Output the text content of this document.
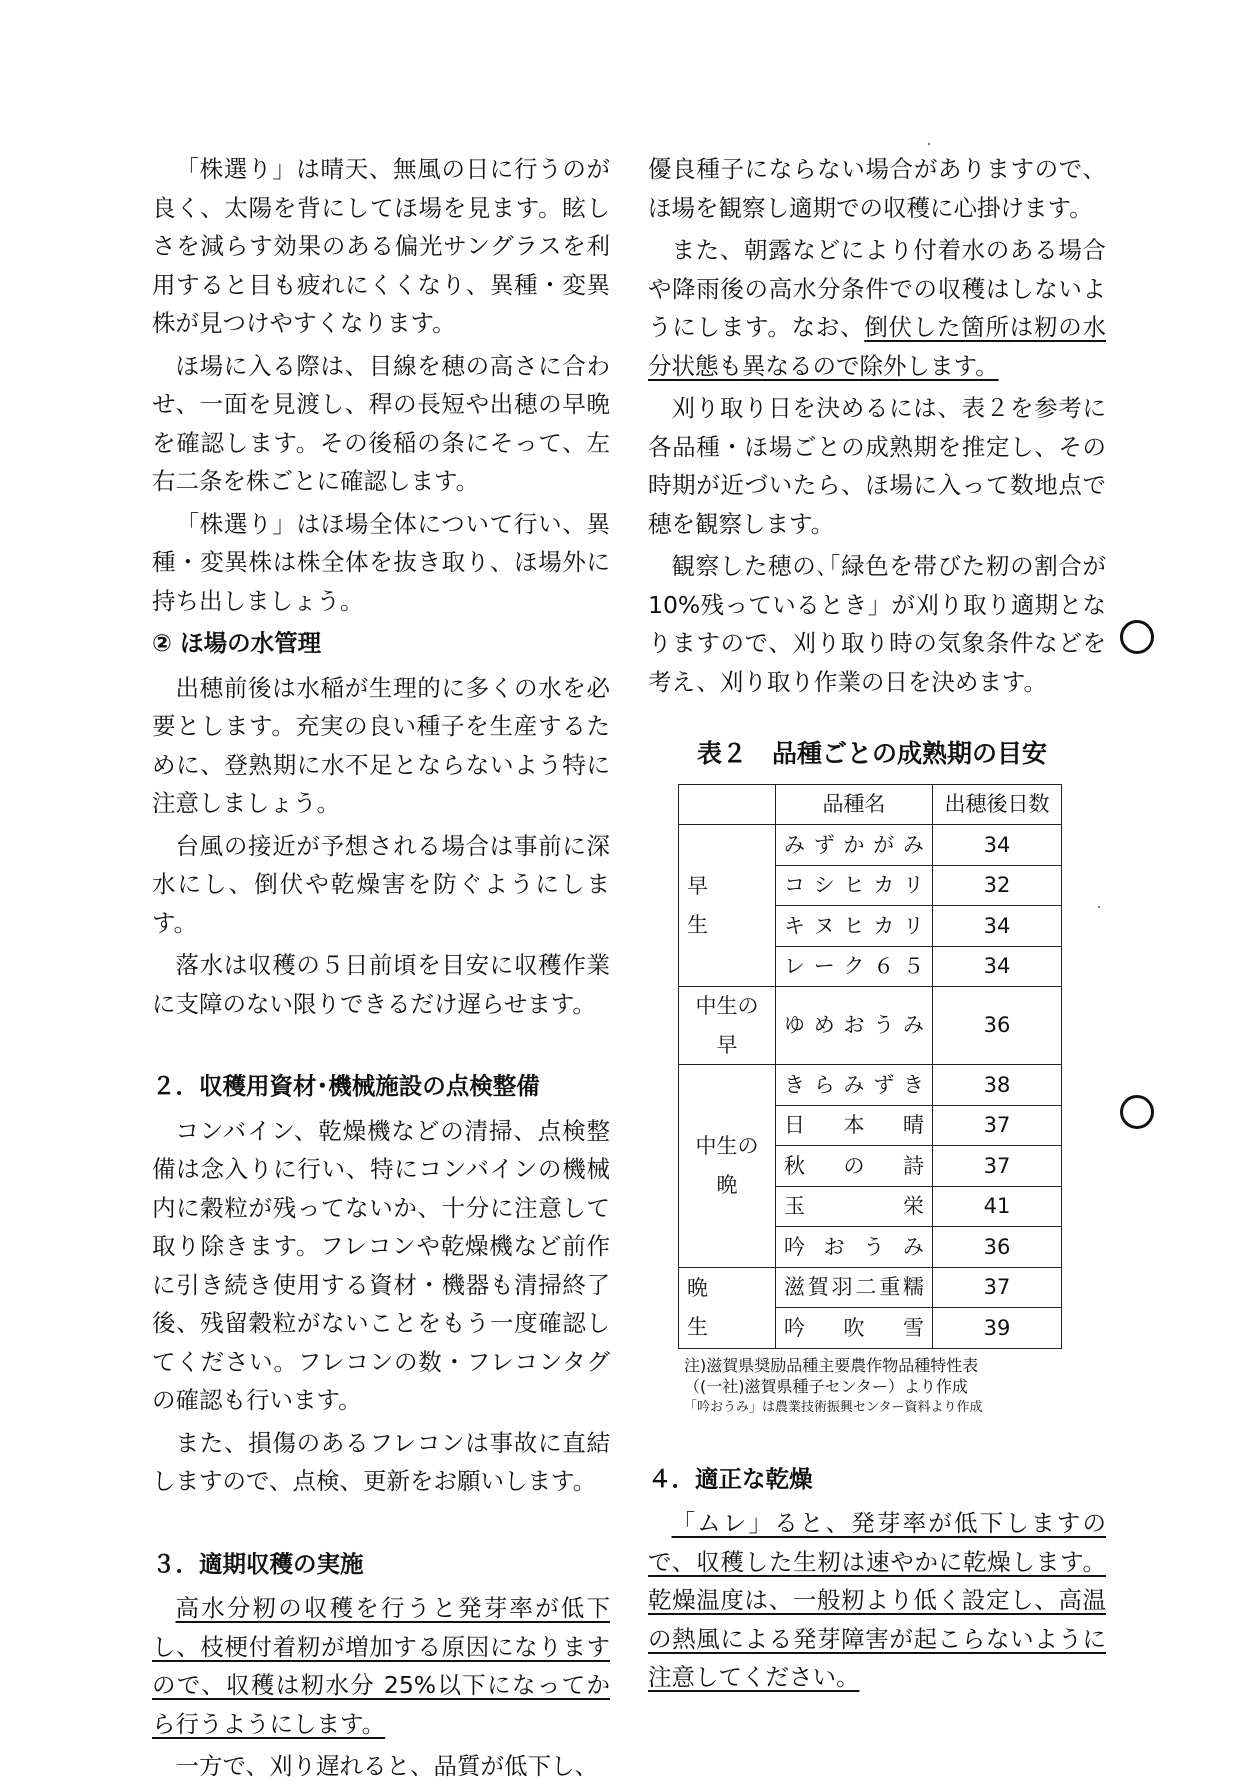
「株選り」は晴天、無風の日に行うのが良く、太陽を背にしてほ場を見ます。眩しさを減らす効果のある偏光サングラスを利用すると目も疲れにくくなり、異種・変異株が見つけやすくなります。

ほ場に入る際は、目線を穂の高さに合わせ、一面を見渡し、稈の長短や出穂の早晩を確認します。その後稲の条にそって、左右二条を株ごとに確認します。

「株選り」はほ場全体について行い、異種・変異株は株全体を抜き取り、ほ場外に持ち出しましょう。

② ほ場の水管理

出穂前後は水稲が生理的に多くの水を必要とします。充実の良い種子を生産するために、登熟期に水不足とならないよう特に注意しましょう。

台風の接近が予想される場合は事前に深水にし、倒伏や乾燥害を防ぐようにします。

落水は収穫の５日前頃を目安に収穫作業に支障のない限りできるだけ遅らせます。

２．収穫用資材･機械施設の点検整備

コンバイン、乾燥機などの清掃、点検整備は念入りに行い、特にコンバインの機械内に穀粒が残ってないか、十分に注意して取り除きます。フレコンや乾燥機など前作に引き続き使用する資材・機器も清掃終了後、残留穀粒がないことをもう一度確認してください。フレコンの数・フレコンタグの確認も行います。

また、損傷のあるフレコンは事故に直結しますので、点検、更新をお願いします。

３．適期収穫の実施

高水分籾の収穫を行うと発芽率が低下し、枝梗付着籾が増加する原因になりますので、収穫は籾水分 25%以下になってから行うようにします。

一方で、刈り遅れると、品質が低下し、

優良種子にならない場合がありますので、ほ場を観察し適期での収穫に心掛けます。

また、朝露などにより付着水のある場合や降雨後の高水分条件での収穫はしないようにします。なお、倒伏した箇所は籾の水分状態も異なるので除外します。

刈り取り日を決めるには、表２を参考に各品種・ほ場ごとの成熟期を推定し、その時期が近づいたら、ほ場に入って数地点で穂を観察します。

観察した穂の､｢緑色を帯びた籾の割合が10%残っているとき」が刈り取り適期となりますので、刈り取り時の気象条件などを考え、刈り取り作業の日を決めます。

表２　品種ごとの成熟期の目安
	品種名	出穂後日数
早　　生	みずかがみ	34
	コシヒカリ	32
	キヌヒカリ	34
	レーク６５	34
中生の早	ゆめおうみ	36
中生の晩	きらみずき	38
	日本晴	37
	秋の詩	37
	玉栄	41
	吟おうみ	36
晩　　生	滋賀羽二重糯	37
	吟吹雪	39
注)滋賀県奨励品種主要農作物品種特性表
（(一社)滋賀県種子センター）より作成
「吟おうみ」は農業技術振興センター資料より作成
４．適正な乾燥

「ムレ」ると、発芽率が低下しますので、収穫した生籾は速やかに乾燥します。乾燥温度は、一般籾より低く設定し、高温の熱風による発芽障害が起こらないように注意してください。
